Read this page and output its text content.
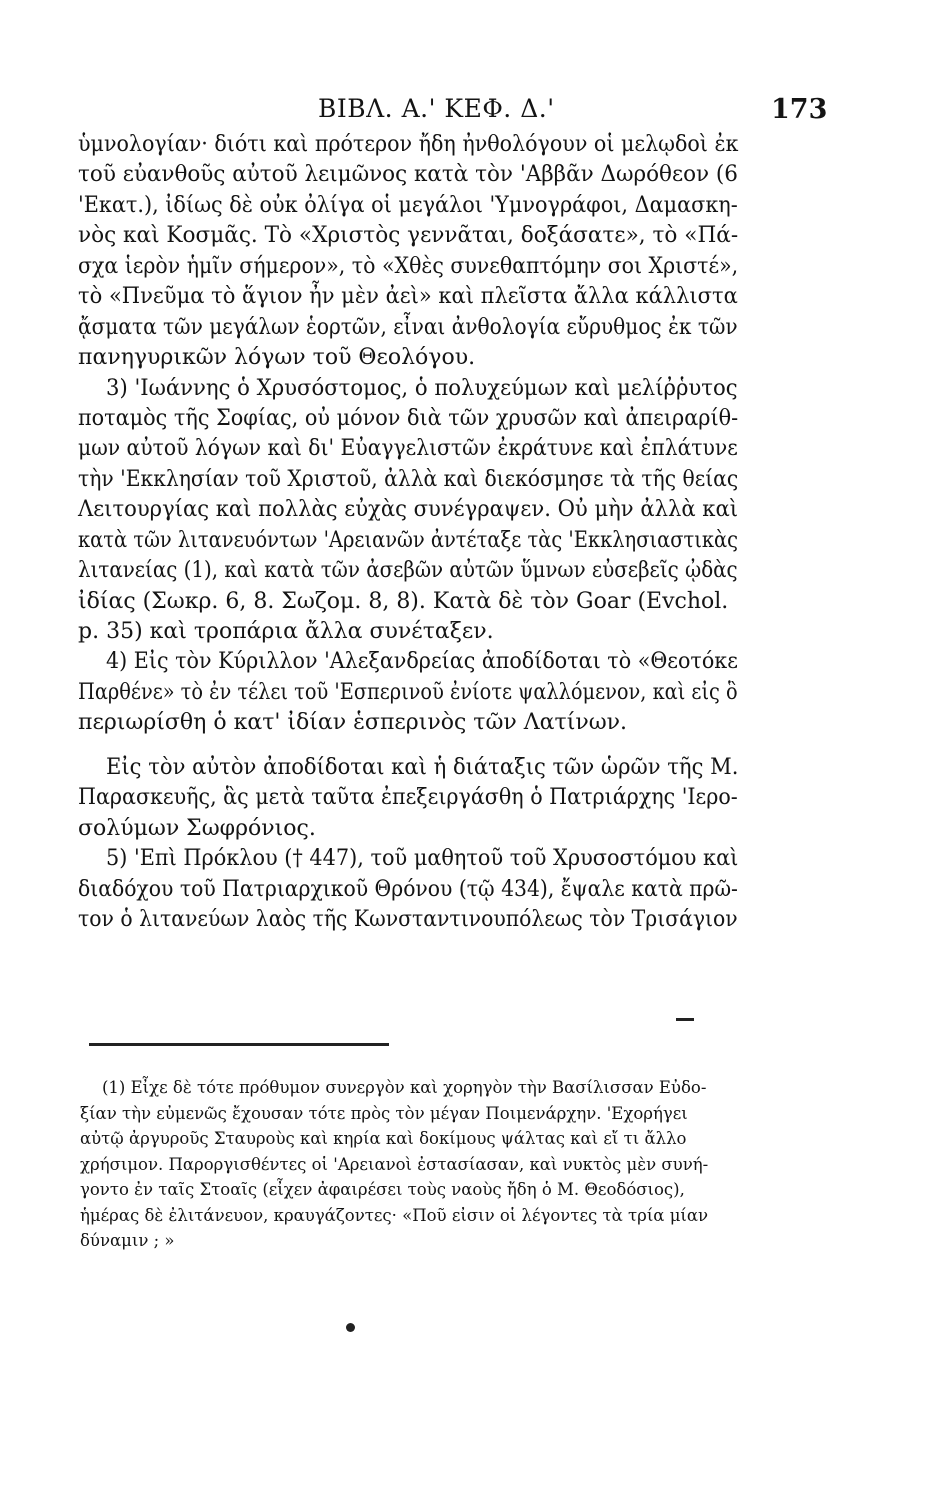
ΒΙΒΛ. Α.' ΚΕΦ. Δ.'	173
ὑμνολογίαν· διότι καὶ πρότερον ἤδη ἠνθολόγουν οἱ μελῳδοὶ ἐκ
τοῦ εὐανθοῦς αὐτοῦ λειμῶνος κατὰ τὸν 'Αββᾶν Δωρόθεον (6
'Εκατ.), ἰδίως δὲ οὐκ ὀλίγα οἱ μεγάλοι 'Υμνογράφοι, Δαμασκη-
νὸς καὶ Κοσμᾶς. Τὸ «Χριστὸς γεννᾶται, δοξάσατε», τὸ «Πά-
σχα ἱερὸν ἡμῖν σήμερον», τὸ «Χθὲς συνεθαπτόμην σοι Χριστέ»,
τὸ «Πνεῦμα τὸ ἅγιον ἦν μὲν ἀεὶ» καὶ πλεῖστα ἄλλα κάλλιστα
ᾄσματα τῶν μεγάλων ἑορτῶν, εἶναι ἀνθολογία εὔρυθμος ἐκ τῶν
πανηγυρικῶν λόγων τοῦ Θεολόγου.
3) 'Ιωάννης ὁ Χρυσόστομος, ὁ πολυχεύμων καὶ μελίῤῥυτος
ποταμὸς τῆς Σοφίας, οὐ μόνον διὰ τῶν χρυσῶν καὶ ἀπειραρίθ-
μων αὐτοῦ λόγων καὶ δι' Εὐαγγελιστῶν ἐκράτυνε καὶ ἐπλάτυνε
τὴν 'Εκκλησίαν τοῦ Χριστοῦ, ἀλλὰ καὶ διεκόσμησε τὰ τῆς θείας
Λειτουργίας καὶ πολλὰς εὐχὰς συνέγραψεν. Οὐ μὴν ἀλλὰ καὶ
κατὰ τῶν λιτανευόντων 'Αρειανῶν ἀντέταξε τὰς 'Εκκλησιαστικὰς
λιτανείας (1), καὶ κατὰ τῶν ἀσεβῶν αὐτῶν ὕμνων εὐσεβεῖς ᾠδὰς
ἰδίας (Σωκρ. 6, 8. Σωζομ. 8, 8). Κατὰ δὲ τὸν Goar (Evchol.
p. 35) καὶ τροπάρια ἄλλα συνέταξεν.
4) Εἰς τὸν Κύριλλον 'Αλεξανδρείας ἀποδίδοται τὸ «Θεοτόκε
Παρθένε» τὸ ἐν τέλει τοῦ 'Εσπερινοῦ ἐνίοτε ψαλλόμενον, καὶ εἰς ὃ
περιωρίσθη ὁ κατ' ἰδίαν ἑσπερινὸς τῶν Λατίνων.
Εἰς τὸν αὐτὸν ἀποδίδοται καὶ ἡ διάταξις τῶν ὡρῶν τῆς Μ.
Παρασκευῆς, ἃς μετὰ ταῦτα ἐπεξειργάσθη ὁ Πατριάρχης 'Ιερο-
σολύμων Σωφρόνιος.
5) 'Επὶ Πρόκλου († 447), τοῦ μαθητοῦ τοῦ Χρυσοστόμου καὶ
διαδόχου τοῦ Πατριαρχικοῦ Θρόνου (τῷ 434), ἔψαλε κατὰ πρῶ-
τον ὁ λιτανεύων λαὸς τῆς Κωνσταντινουπόλεως τὸν Τρισάγιον
(1) Εἶχε δὲ τότε πρόθυμον συνεργὸν καὶ χορηγὸν τὴν Βασίλισσαν Εὐδο-
ξίαν τὴν εὐμενῶς ἔχουσαν τότε πρὸς τὸν μέγαν Ποιμενάρχην. 'Εχορήγει
αὐτῷ ἀργυροῦς Σταυροὺς καὶ κηρία καὶ δοκίμους ψάλτας καὶ εἴ τι ἄλλο
χρήσιμον. Παροργισθέντες οἱ 'Αρειανοὶ ἐστασίασαν, καὶ νυκτὸς μὲν συνή-
γοντο ἐν ταῖς Στοαῖς (εἶχεν ἀφαιρέσει τοὺς ναοὺς ἤδη ὁ Μ. Θεοδόσιος),
ἡμέρας δὲ ἐλιτάνευον, κραυγάζοντες· «Ποῦ εἰσιν οἱ λέγοντες τὰ τρία μίαν
δύναμιν ; »
